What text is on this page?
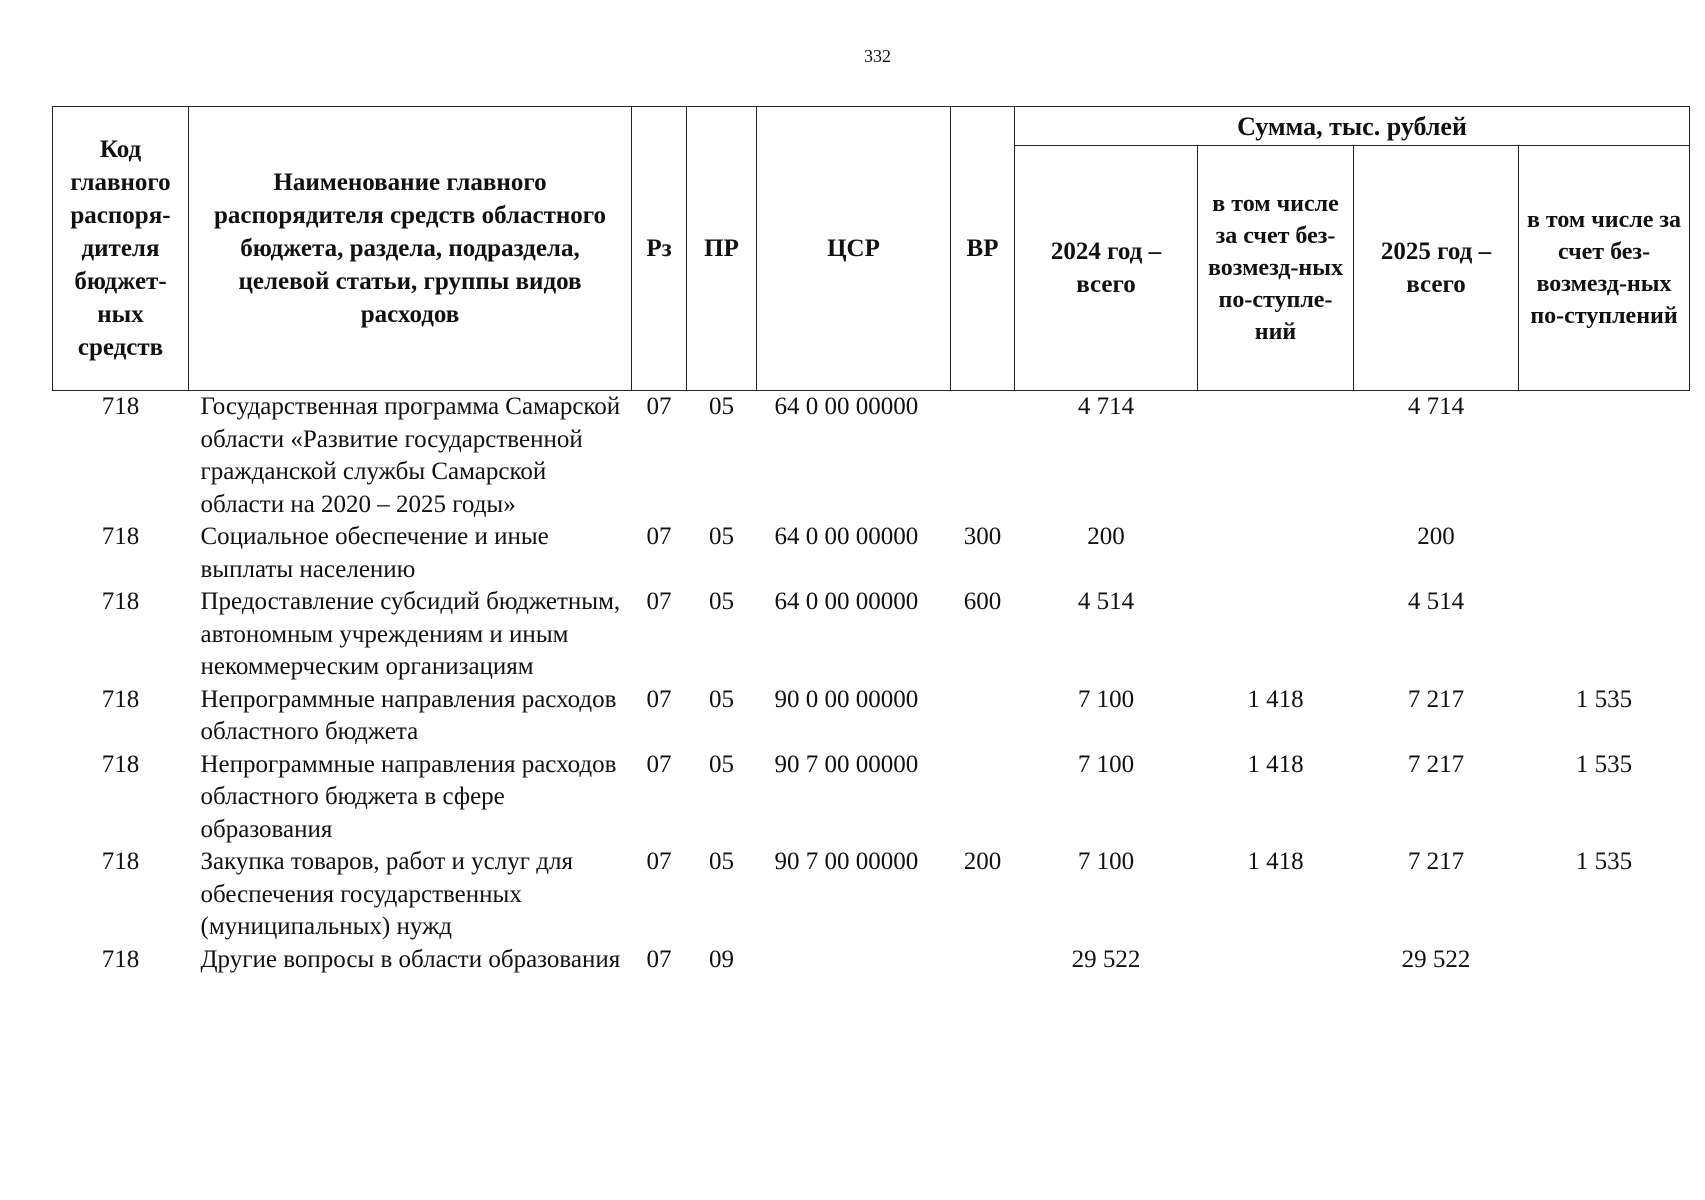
332
Код главного распоря-дителя бюджет-ных средств	Наименование главного распорядителя средств областного бюджета, раздела, подраздела, целевой статьи, группы видов расходов	Рз	ПР	ЦСР	ВР	Сумма, тыс. рублей			
						2024 год – всего	в том числе за счет без-возмезд-ных по-ступле-ний	2025 год – всего	в том числе за счет без-возмезд-ных по-ступлений
718	Государственная программа Самарской области «Развитие государственной гражданской службы Самарской области на 2020 – 2025 годы»	07	05	64 0 00 00000		4 714		4 714	
718	Социальное обеспечение и иные выплаты населению	07	05	64 0 00 00000	300	200		200	
718	Предоставление субсидий бюджетным, автономным учреждениям и иным некоммерческим организациям	07	05	64 0 00 00000	600	4 514		4 514	
718	Непрограммные направления расходов областного бюджета	07	05	90 0 00 00000		7 100	1 418	7 217	1 535
718	Непрограммные направления расходов областного бюджета в сфере образования	07	05	90 7 00 00000		7 100	1 418	7 217	1 535
718	Закупка товаров, работ и услуг для обеспечения государственных (муниципальных) нужд	07	05	90 7 00 00000	200	7 100	1 418	7 217	1 535
718	Другие вопросы в области образования	07	09			29 522		29 522	
